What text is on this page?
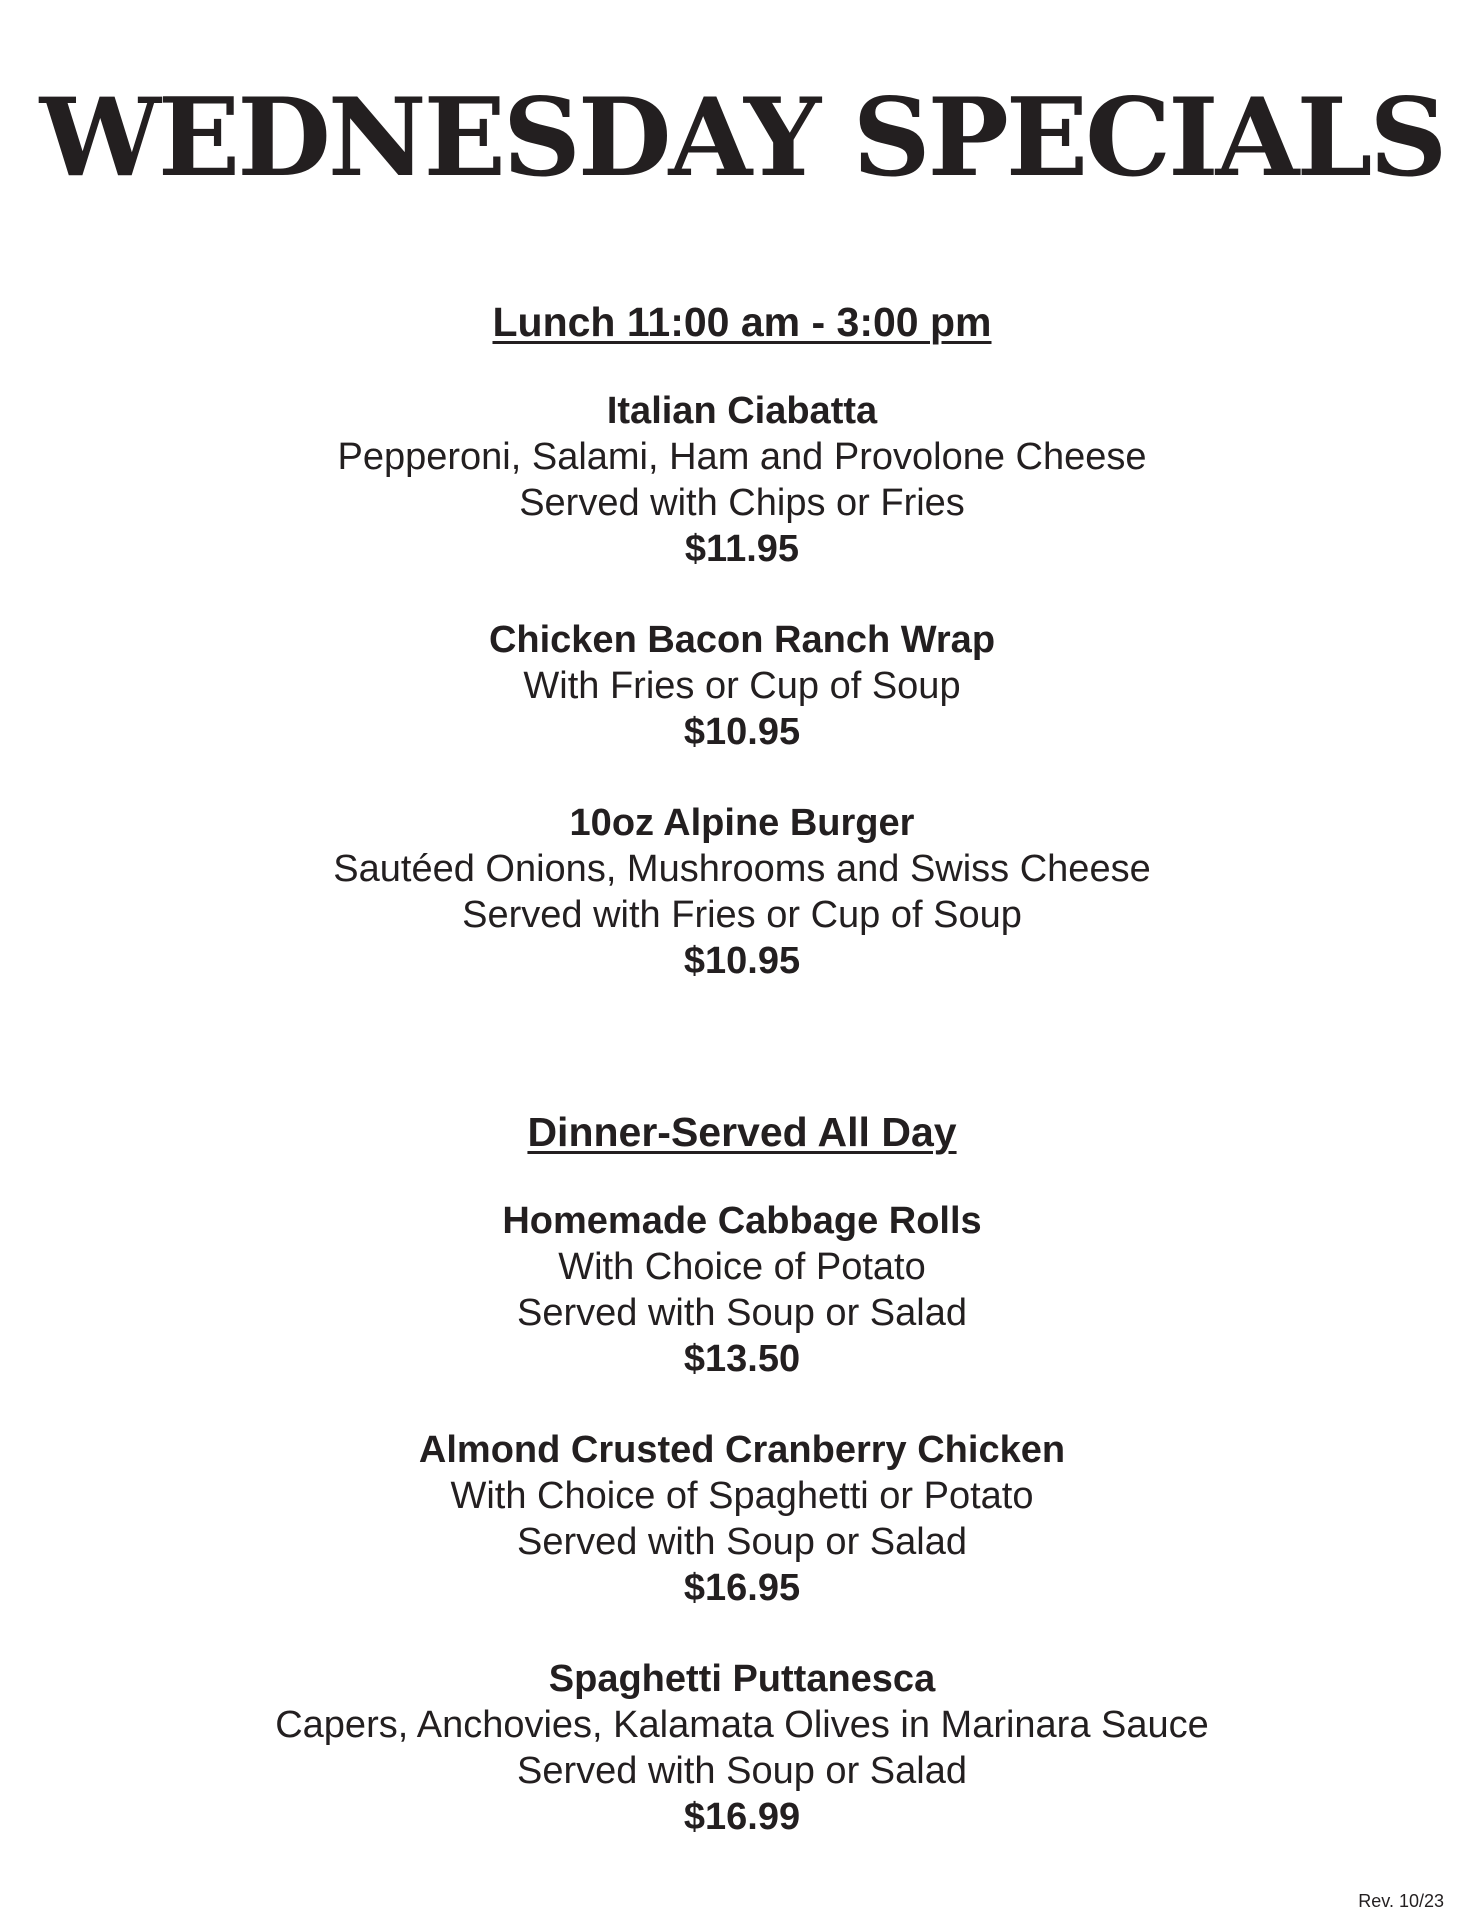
WEDNESDAY SPECIALS
Lunch 11:00 am - 3:00 pm
Italian Ciabatta
Pepperoni, Salami, Ham and Provolone Cheese
Served with Chips or Fries
$11.95
Chicken Bacon Ranch Wrap
With Fries or Cup of Soup
$10.95
10oz Alpine Burger
Sautéed Onions, Mushrooms and Swiss Cheese
Served with Fries or Cup of Soup
$10.95
Dinner-Served All Day
Homemade Cabbage Rolls
With Choice of Potato
Served with Soup or Salad
$13.50
Almond Crusted Cranberry Chicken
With Choice of Spaghetti or Potato
Served with Soup or Salad
$16.95
Spaghetti Puttanesca
Capers, Anchovies, Kalamata Olives in Marinara Sauce
Served with Soup or Salad
$16.99
Rev. 10/23
